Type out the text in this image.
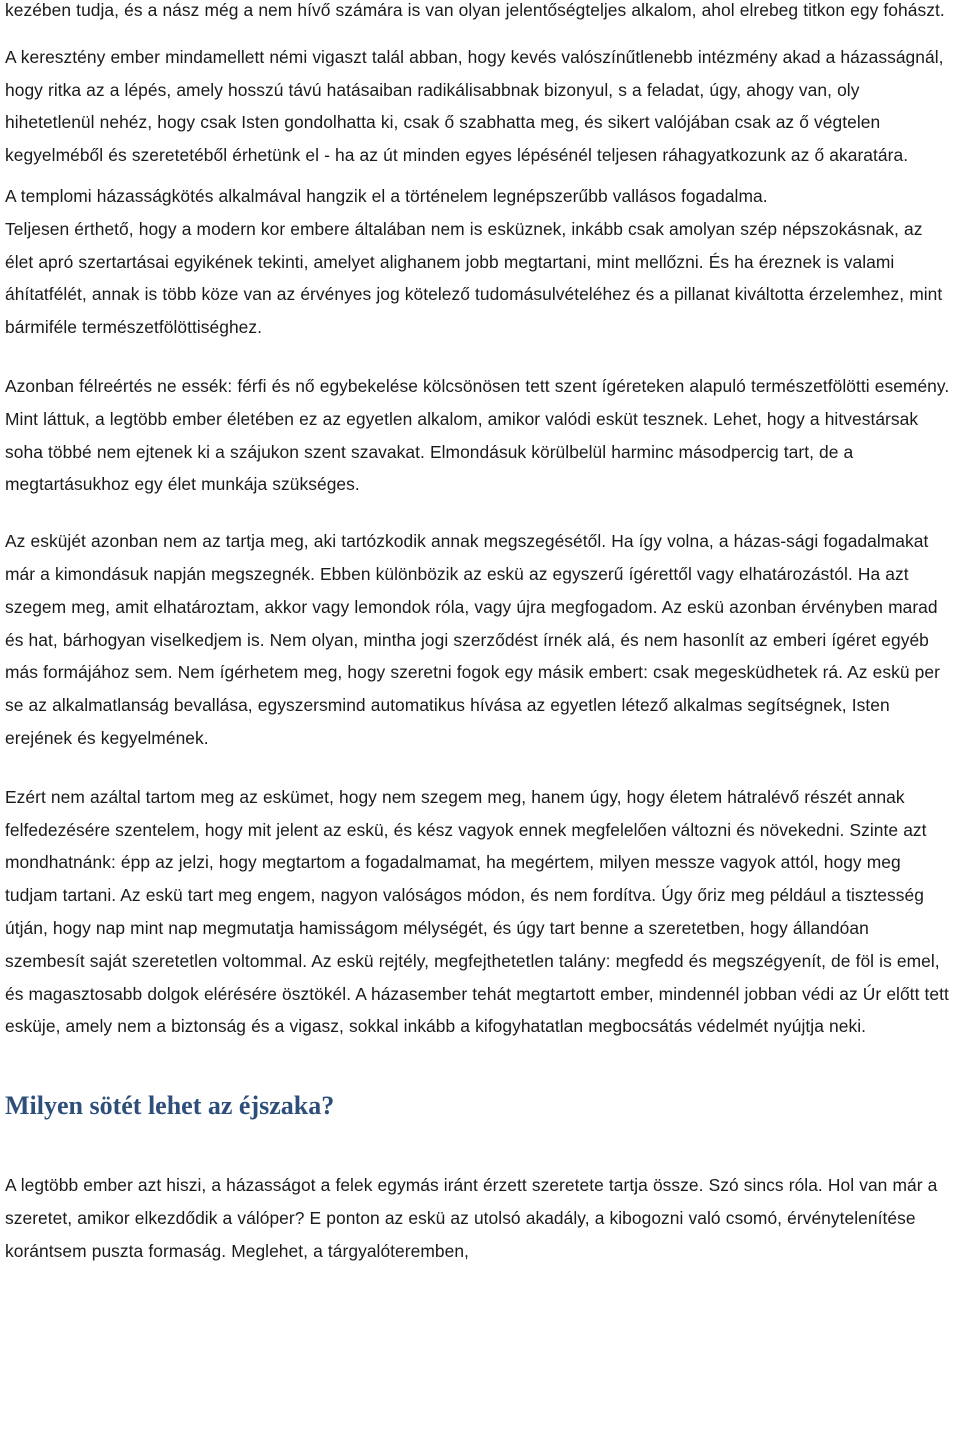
kezében tudja, és a nász még a nem hívő számára is van olyan jelentőségteljes alkalom, ahol elrebeg titkon egy fohászt.

A keresztény ember mindamellett némi vigaszt talál abban, hogy kevés valószínűtlenebb intézmény akad a házasságnál, hogy ritka az a lépés, amely hosszú távú hatásaiban radikálisabbnak bizonyul, s a feladat, úgy, ahogy van, oly hihetetlenül nehéz, hogy csak Isten gondolhatta ki, csak ő szabhatta meg, és sikert valójában csak az ő végtelen kegyelméből és szeretetéből érhetünk el - ha az út minden egyes lépésénél teljesen ráhagyatkozunk az ő akaratára.

A templomi házasságkötés alkalmával hangzik el a történelem legnépszerűbb vallásos fogadalma.

Teljesen érthető, hogy a modern kor embere általában nem is esküznek, inkább csak amolyan szép népszokásnak, az élet apró szertartásai egyikének tekinti, amelyet alighanem jobb megtartani, mint mellőzni. És ha éreznek is valami áhítatfélét, annak is több köze van az érvényes jog kötelező tudomásulvételéhez és a pillanat kiváltotta érzelemhez, mint bármiféle természetfölöttiséghez.

Azonban félreértés ne essék: férfi és nő egybekelése kölcsönösen tett szent ígéreteken alapuló természetfölötti esemény. Mint láttuk, a legtöbb ember életében ez az egyetlen alkalom, amikor valódi esküt tesznek. Lehet, hogy a hitvestársak soha többé nem ejtenek ki a szájukon szent szavakat. Elmondásuk körülbelül harminc másodpercig tart, de a megtartásukhoz egy élet munkája szükséges.

Az esküjét azonban nem az tartja meg, aki tartózkodik annak megszegésétől. Ha így volna, a házas-sági fogadalmakat már a kimondásuk napján megszegnék. Ebben különbözik az eskü az egyszerű ígérettől vagy elhatározástól. Ha azt szegem meg, amit elhatároztam, akkor vagy lemondok róla, vagy újra megfogadom. Az eskü azonban érvényben marad és hat, bárhogyan viselkedjem is. Nem olyan, mintha jogi szerződést írnék alá, és nem hasonlít az emberi ígéret egyéb más formájához sem. Nem ígérhetem meg, hogy szeretni fogok egy másik embert: csak megesküdhetek rá. Az eskü per se az alkalmatlanság bevallása, egyszersmind automatikus hívása az egyetlen létező alkalmas segítségnek, Isten erejének és kegyelmének.

Ezért nem azáltal tartom meg az eskümet, hogy nem szegem meg, hanem úgy, hogy életem hátralévő részét annak felfedezésére szentelem, hogy mit jelent az eskü, és kész vagyok ennek megfelelően változni és növekedni. Szinte azt mondhatnánk: épp az jelzi, hogy megtartom a fogadalmamat, ha megértem, milyen messze vagyok attól, hogy meg tudjam tartani. Az eskü tart meg engem, nagyon valóságos módon, és nem fordítva. Úgy őriz meg például a tisztesség útján, hogy nap mint nap megmutatja hamisságom mélységét, és úgy tart benne a szeretetben, hogy állandóan szembesít saját szeretetlen voltommal. Az eskü rejtély, megfejthetetlen talány: megfedd és megszégyenít, de föl is emel, és magasztosabb dolgok elérésére ösztökél. A házasember tehát megtartott ember, mindennél jobban védi az Úr előtt tett esküje, amely nem a biztonság és a vigasz, sokkal inkább a kifogyhatatlan megbocsátás védelmét nyújtja neki.

Milyen sötét lehet az éjszaka?

A legtöbb ember azt hiszi, a házasságot a felek egymás iránt érzett szeretete tartja össze. Szó sincs róla. Hol van már a szeretet, amikor elkezdődik a válóper? E ponton az eskü az utolsó akadály, a kibogozni való csomó, érvénytelenítése korántsem puszta formaság. Meglehet, a tárgyalóteremben,
